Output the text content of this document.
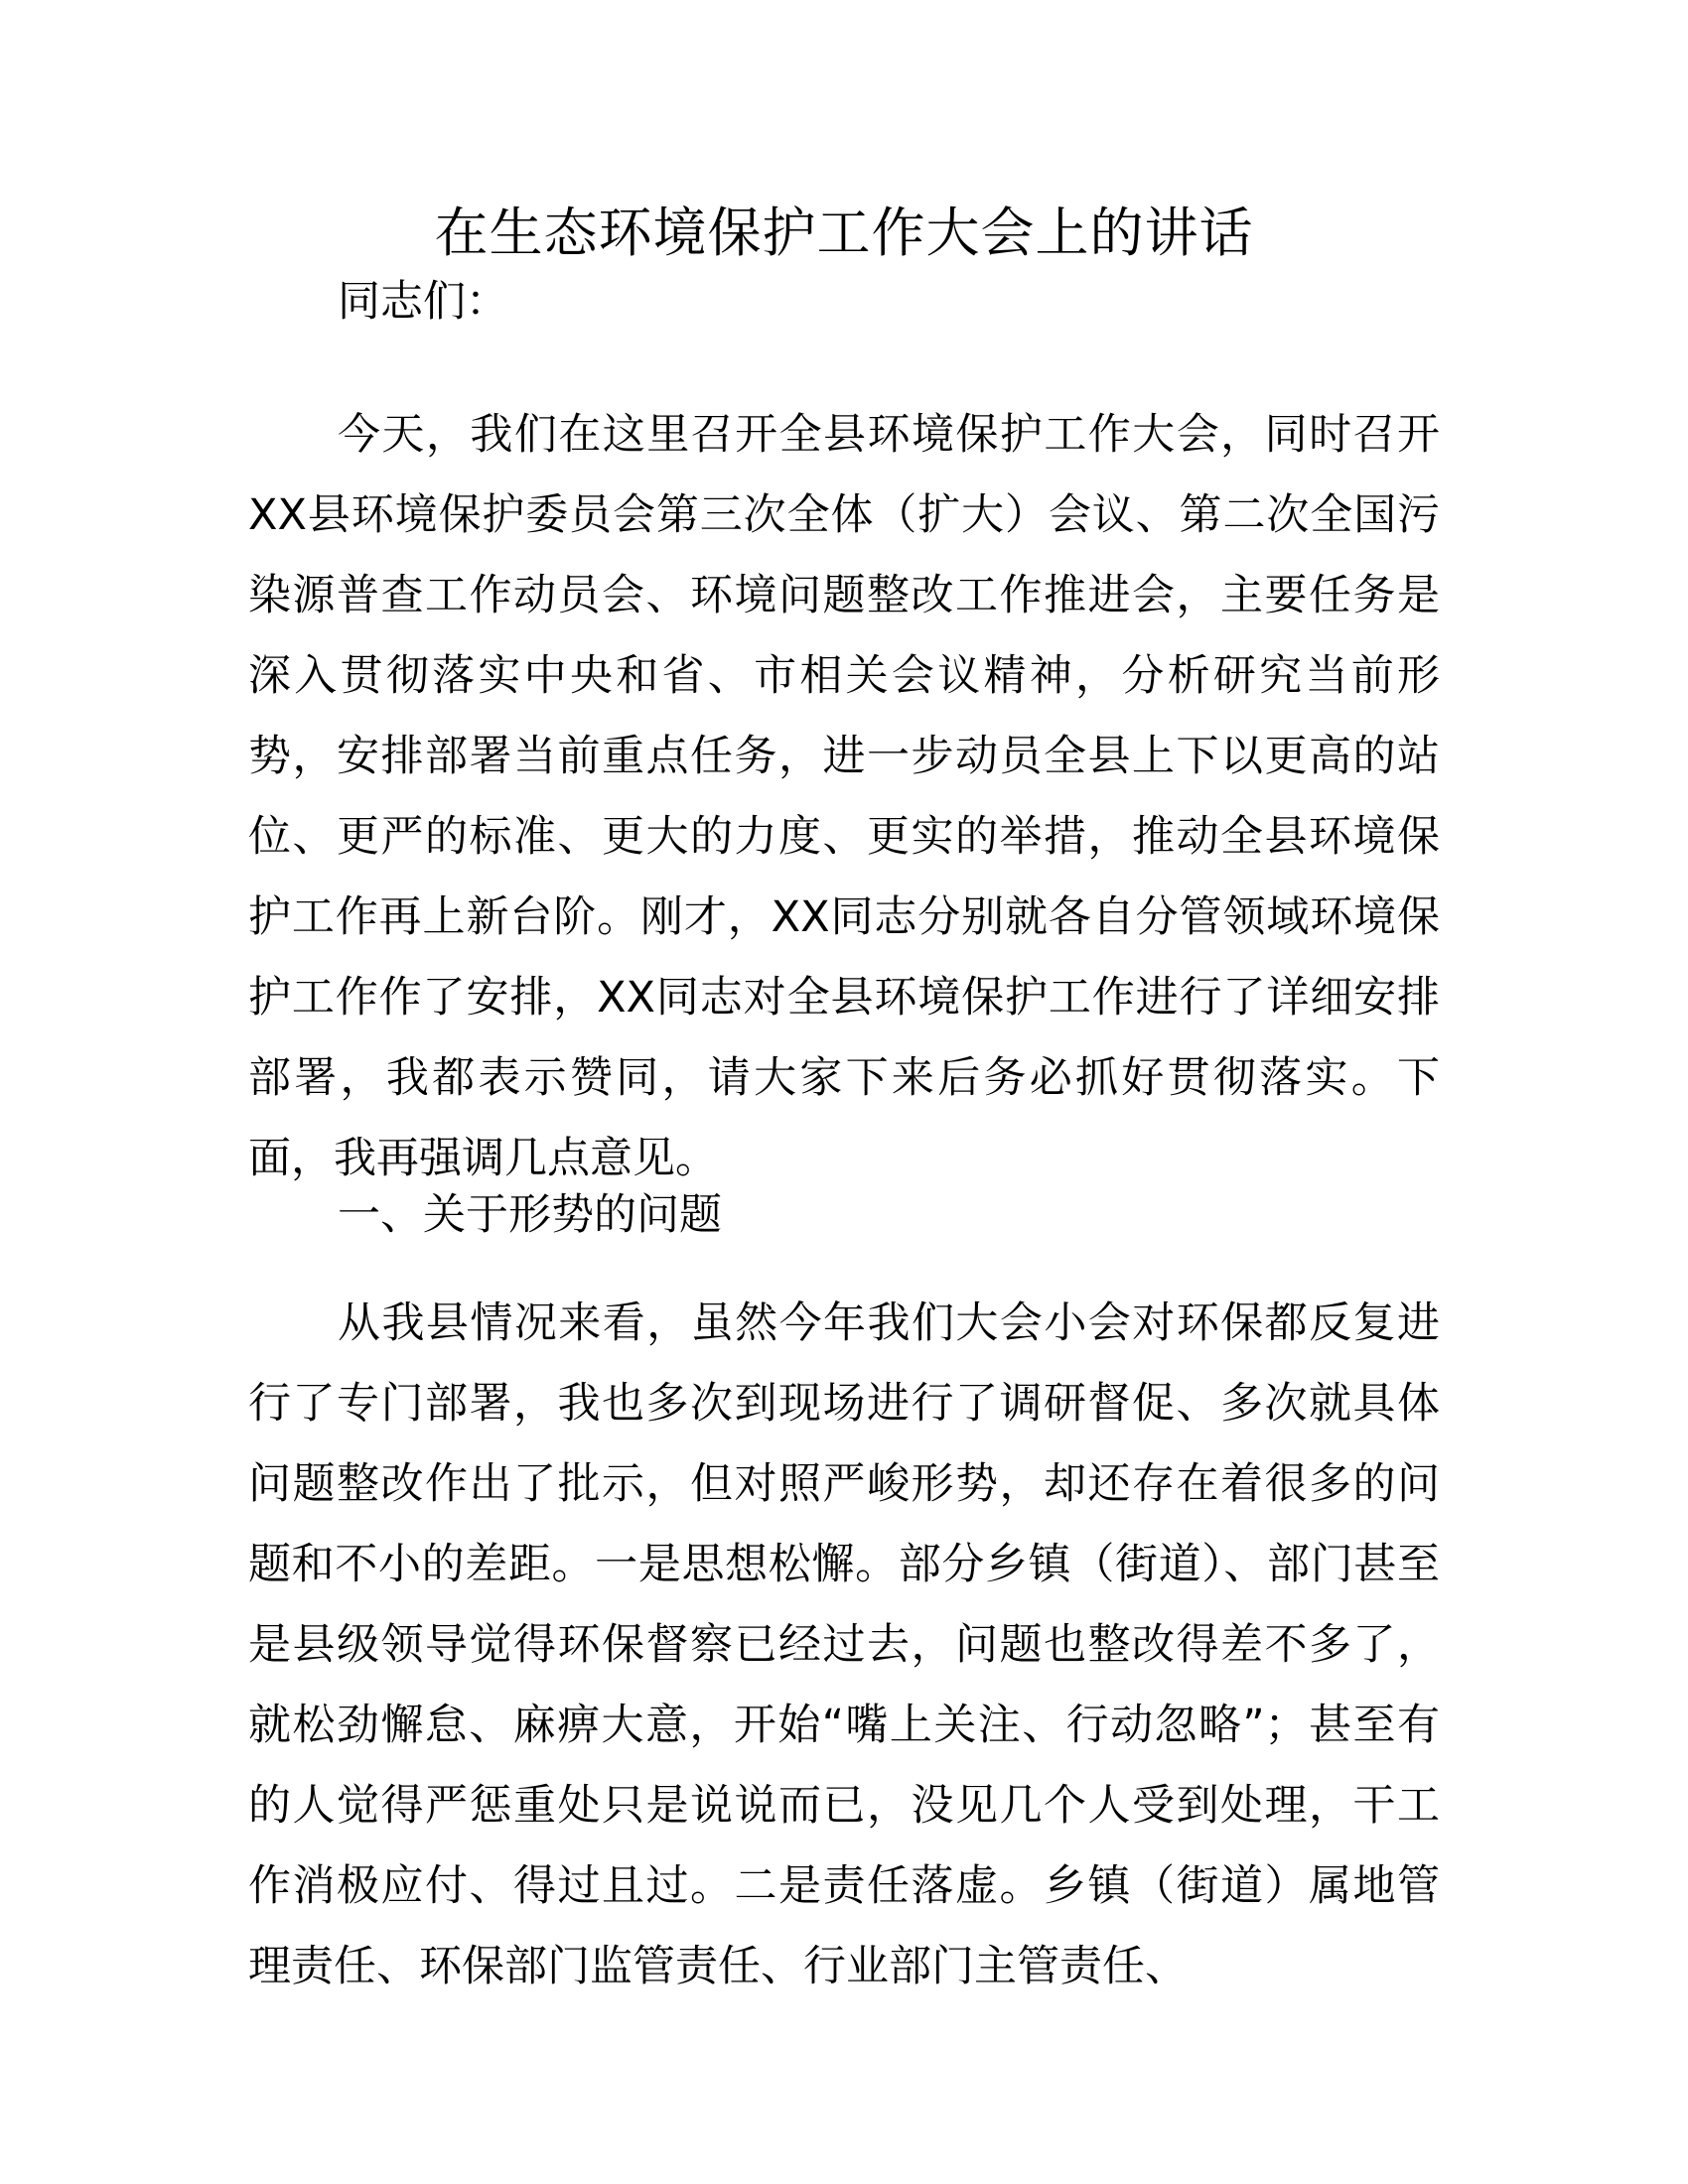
在生态环境保护工作大会上的讲话

同志们：

今天，我们在这里召开全县环境保护工作大会，同时召开XX县环境保护委员会第三次全体（扩大）会议、第二次全国污染源普查工作动员会、环境问题整改工作推进会，主要任务是深入贯彻落实中央和省、市相关会议精神，分析研究当前形势，安排部署当前重点任务，进一步动员全县上下以更高的站位、更严的标准、更大的力度、更实的举措，推动全县环境保护工作再上新台阶。刚才，XX同志分别就各自分管领域环境保护工作作了安排，XX同志对全县环境保护工作进行了详细安排部署，我都表示赞同，请大家下来后务必抓好贯彻落实。下面，我再强调几点意见。

一、关于形势的问题

从我县情况来看，虽然今年我们大会小会对环保都反复进行了专门部署，我也多次到现场进行了调研督促、多次就具体问题整改作出了批示，但对照严峻形势，却还存在着很多的问题和不小的差距。一是思想松懈。部分乡镇（街道）、部门甚至是县级领导觉得环保督察已经过去，问题也整改得差不多了，就松劲懈怠、麻痹大意，开始“嘴上关注、行动忽略”；甚至有的人觉得严惩重处只是说说而已，没见几个人受到处理，干工作消极应付、得过且过。二是责任落虚。乡镇（街道）属地管理责任、环保部门监管责任、行业部门主管责任、
